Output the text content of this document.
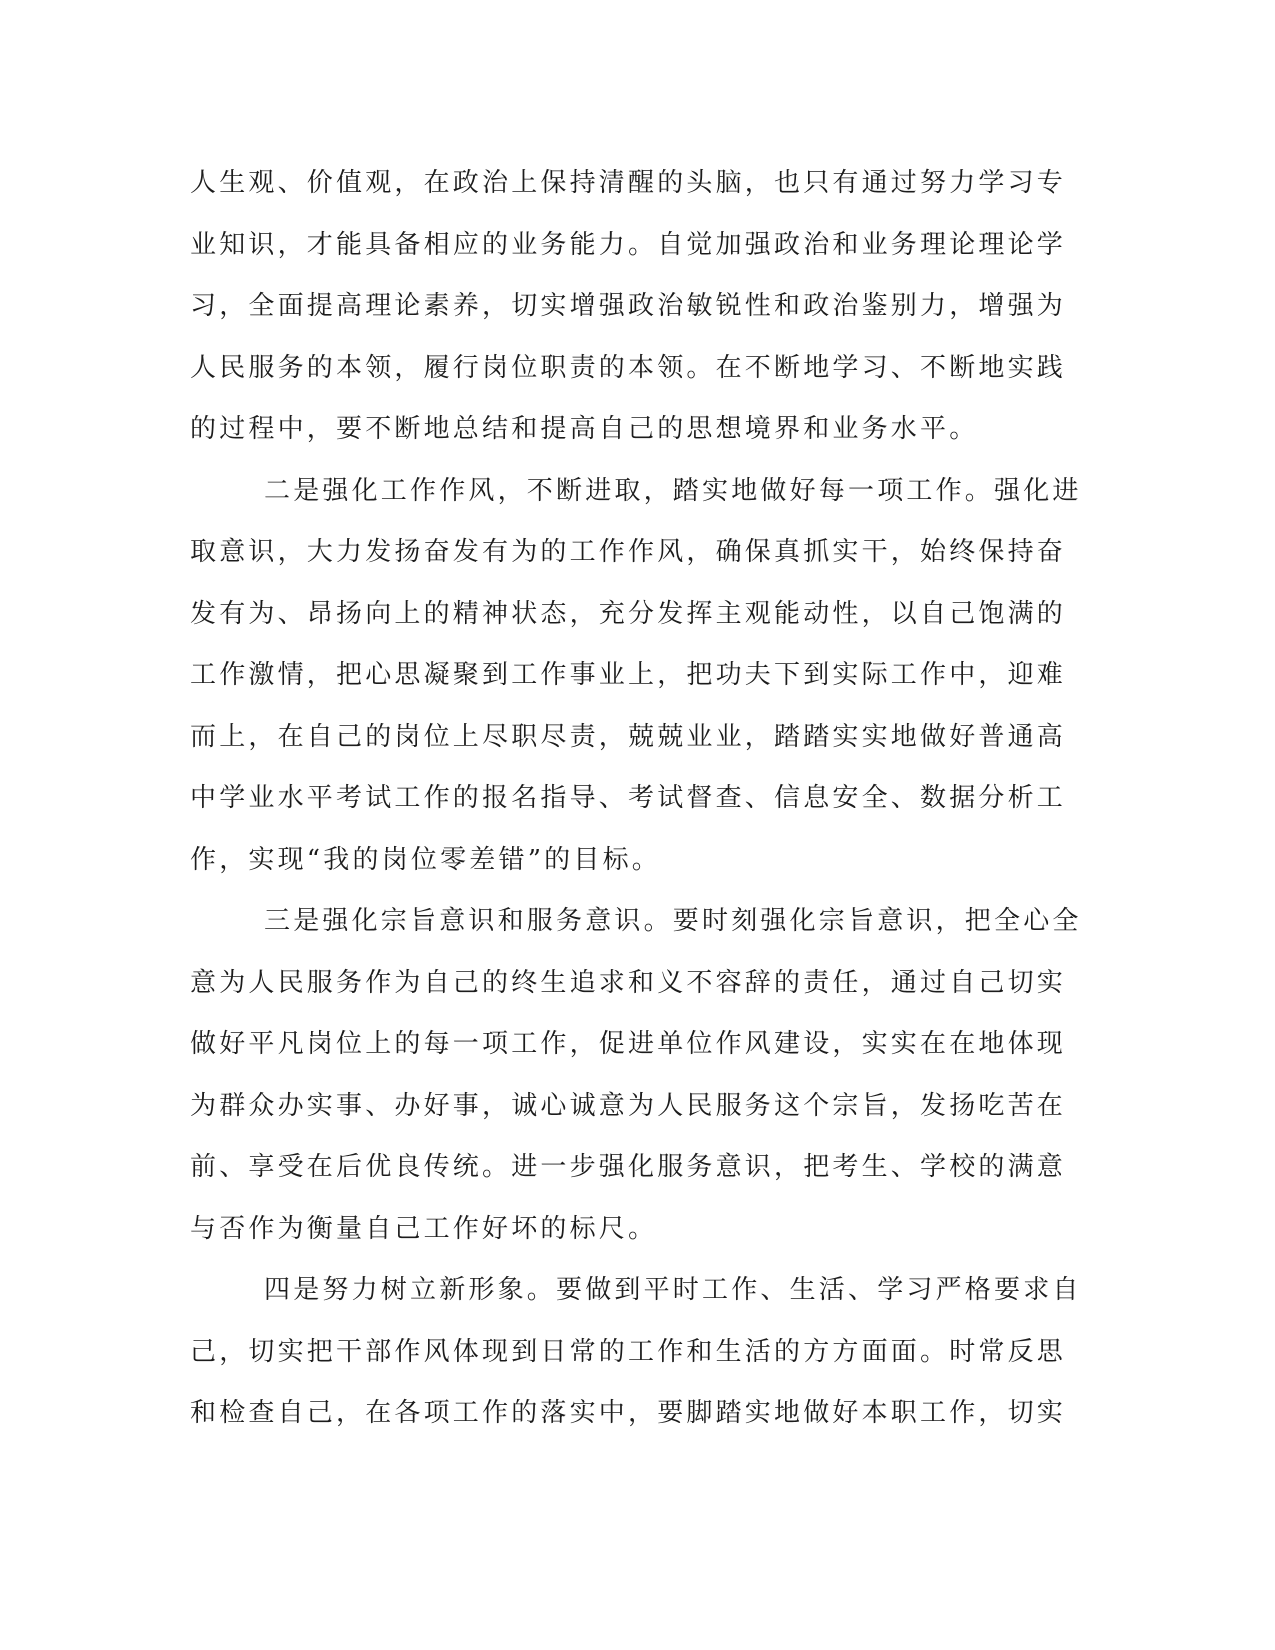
人生观、价值观，在政治上保持清醒的头脑，也只有通过努力学习专
业知识，才能具备相应的业务能力。自觉加强政治和业务理论理论学
习，全面提高理论素养，切实增强政治敏锐性和政治鉴别力，增强为
人民服务的本领，履行岗位职责的本领。在不断地学习、不断地实践
的过程中，要不断地总结和提高自己的思想境界和业务水平。
二是强化工作作风，不断进取，踏实地做好每一项工作。强化进
取意识，大力发扬奋发有为的工作作风，确保真抓实干，始终保持奋
发有为、昂扬向上的精神状态，充分发挥主观能动性，以自己饱满的
工作激情，把心思凝聚到工作事业上，把功夫下到实际工作中，迎难
而上，在自己的岗位上尽职尽责，兢兢业业，踏踏实实地做好普通高
中学业水平考试工作的报名指导、考试督查、信息安全、数据分析工
作，实现“我的岗位零差错”的目标。
三是强化宗旨意识和服务意识。要时刻强化宗旨意识，把全心全
意为人民服务作为自己的终生追求和义不容辞的责任，通过自己切实
做好平凡岗位上的每一项工作，促进单位作风建设，实实在在地体现
为群众办实事、办好事，诚心诚意为人民服务这个宗旨，发扬吃苦在
前、享受在后优良传统。进一步强化服务意识，把考生、学校的满意
与否作为衡量自己工作好坏的标尺。
四是努力树立新形象。要做到平时工作、生活、学习严格要求自
己，切实把干部作风体现到日常的工作和生活的方方面面。时常反思
和检查自己，在各项工作的落实中，要脚踏实地做好本职工作，切实
